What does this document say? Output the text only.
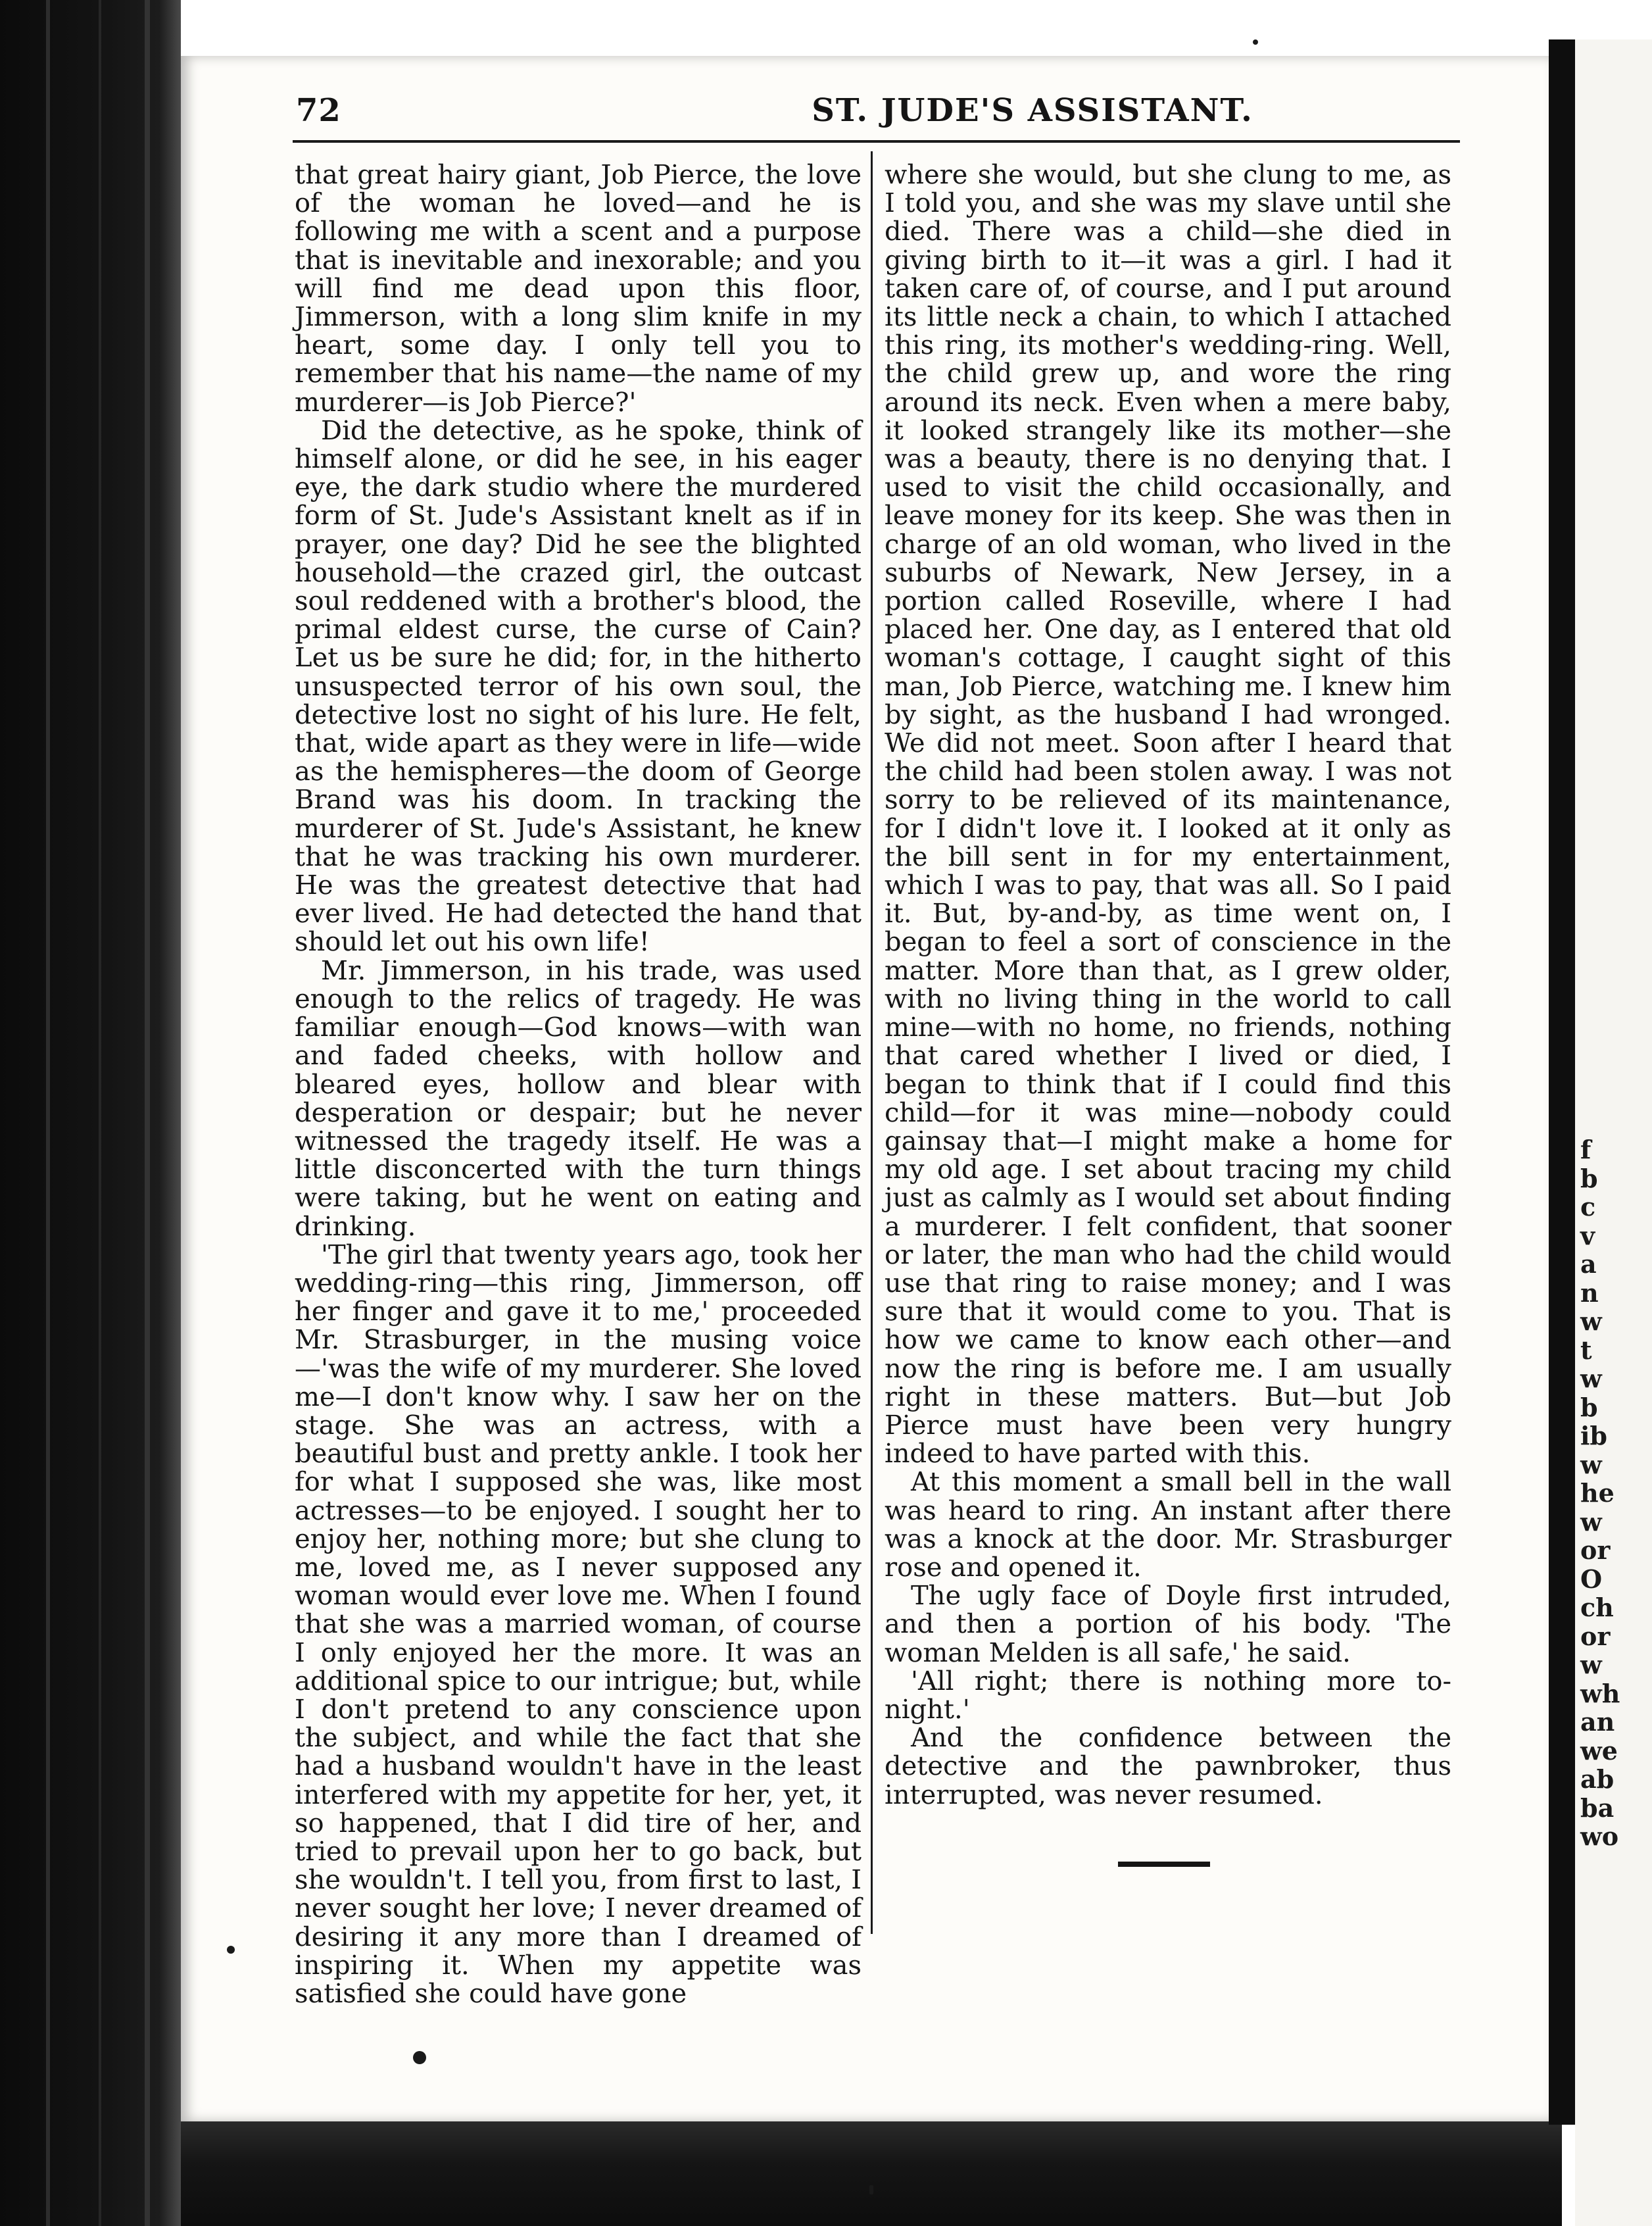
f
b
c
v
a
n
w
t
w
b
ib
w
he
w
or
O
ch
or
w
wh
an
we
ab
ba
wo
72	ST. JUDE'S ASSISTANT.

that great hairy giant, Job Pierce, the love of the woman he loved—and he is following me with a scent and a purpose that is inevitable and inexorable; and you will find me dead upon this floor, Jimmerson, with a long slim knife in my heart, some day. I only tell you to remember that his name—the name of my murderer—is Job Pierce?'

Did the detective, as he spoke, think of himself alone, or did he see, in his eager eye, the dark studio where the murdered form of St. Jude's Assistant knelt as if in prayer, one day? Did he see the blighted household—the crazed girl, the outcast soul reddened with a brother's blood, the primal eldest curse, the curse of Cain? Let us be sure he did; for, in the hitherto unsuspected terror of his own soul, the detective lost no sight of his lure. He felt, that, wide apart as they were in life—wide as the hemispheres—the doom of George Brand was his doom. In tracking the murderer of St. Jude's Assistant, he knew that he was tracking his own murderer. He was the greatest detective that had ever lived. He had detected the hand that should let out his own life!

Mr. Jimmerson, in his trade, was used enough to the relics of tragedy. He was familiar enough—God knows—with wan and faded cheeks, with hollow and bleared eyes, hollow and blear with desperation or despair; but he never witnessed the tragedy itself. He was a little disconcerted with the turn things were taking, but he went on eating and drinking.

'The girl that twenty years ago, took her wedding-ring—this ring, Jimmerson, off her finger and gave it to me,' proceeded Mr. Strasburger, in the musing voice—'was the wife of my murderer. She loved me—I don't know why. I saw her on the stage. She was an actress, with a beautiful bust and pretty ankle. I took her for what I supposed she was, like most actresses—to be enjoyed. I sought her to enjoy her, nothing more; but she clung to me, loved me, as I never supposed any woman would ever love me. When I found that she was a married woman, of course I only enjoyed her the more. It was an additional spice to our intrigue; but, while I don't pretend to any conscience upon the subject, and while the fact that she had a husband wouldn't have in the least interfered with my appetite for her, yet, it so happened, that I did tire of her, and tried to prevail upon her to go back, but she wouldn't. I tell you, from first to last, I never sought her love; I never dreamed of desiring it any more than I dreamed of inspiring it. When my appetite was satisfied she could have gone

where she would, but she clung to me, as I told you, and she was my slave until she died. There was a child—she died in giving birth to it—it was a girl. I had it taken care of, of course, and I put around its little neck a chain, to which I attached this ring, its mother's wedding-ring. Well, the child grew up, and wore the ring around its neck. Even when a mere baby, it looked strangely like its mother—she was a beauty, there is no denying that. I used to visit the child occasionally, and leave money for its keep. She was then in charge of an old woman, who lived in the suburbs of Newark, New Jersey, in a portion called Roseville, where I had placed her. One day, as I entered that old woman's cottage, I caught sight of this man, Job Pierce, watching me. I knew him by sight, as the husband I had wronged. We did not meet. Soon after I heard that the child had been stolen away. I was not sorry to be relieved of its maintenance, for I didn't love it. I looked at it only as the bill sent in for my entertainment, which I was to pay, that was all. So I paid it. But, by-and-by, as time went on, I began to feel a sort of conscience in the matter. More than that, as I grew older, with no living thing in the world to call mine—with no home, no friends, nothing that cared whether I lived or died, I began to think that if I could find this child—for it was mine—nobody could gainsay that—I might make a home for my old age. I set about tracing my child just as calmly as I would set about finding a murderer. I felt confident, that sooner or later, the man who had the child would use that ring to raise money; and I was sure that it would come to you. That is how we came to know each other—and now the ring is before me. I am usually right in these matters. But—but Job Pierce must have been very hungry indeed to have parted with this.

At this moment a small bell in the wall was heard to ring. An instant after there was a knock at the door. Mr. Strasburger rose and opened it.

The ugly face of Doyle first intruded, and then a portion of his body. 'The woman Melden is all safe,' he said.

'All right; there is nothing more to-night.'

And the confidence between the detective and the pawnbroker, thus interrupted, was never resumed.
